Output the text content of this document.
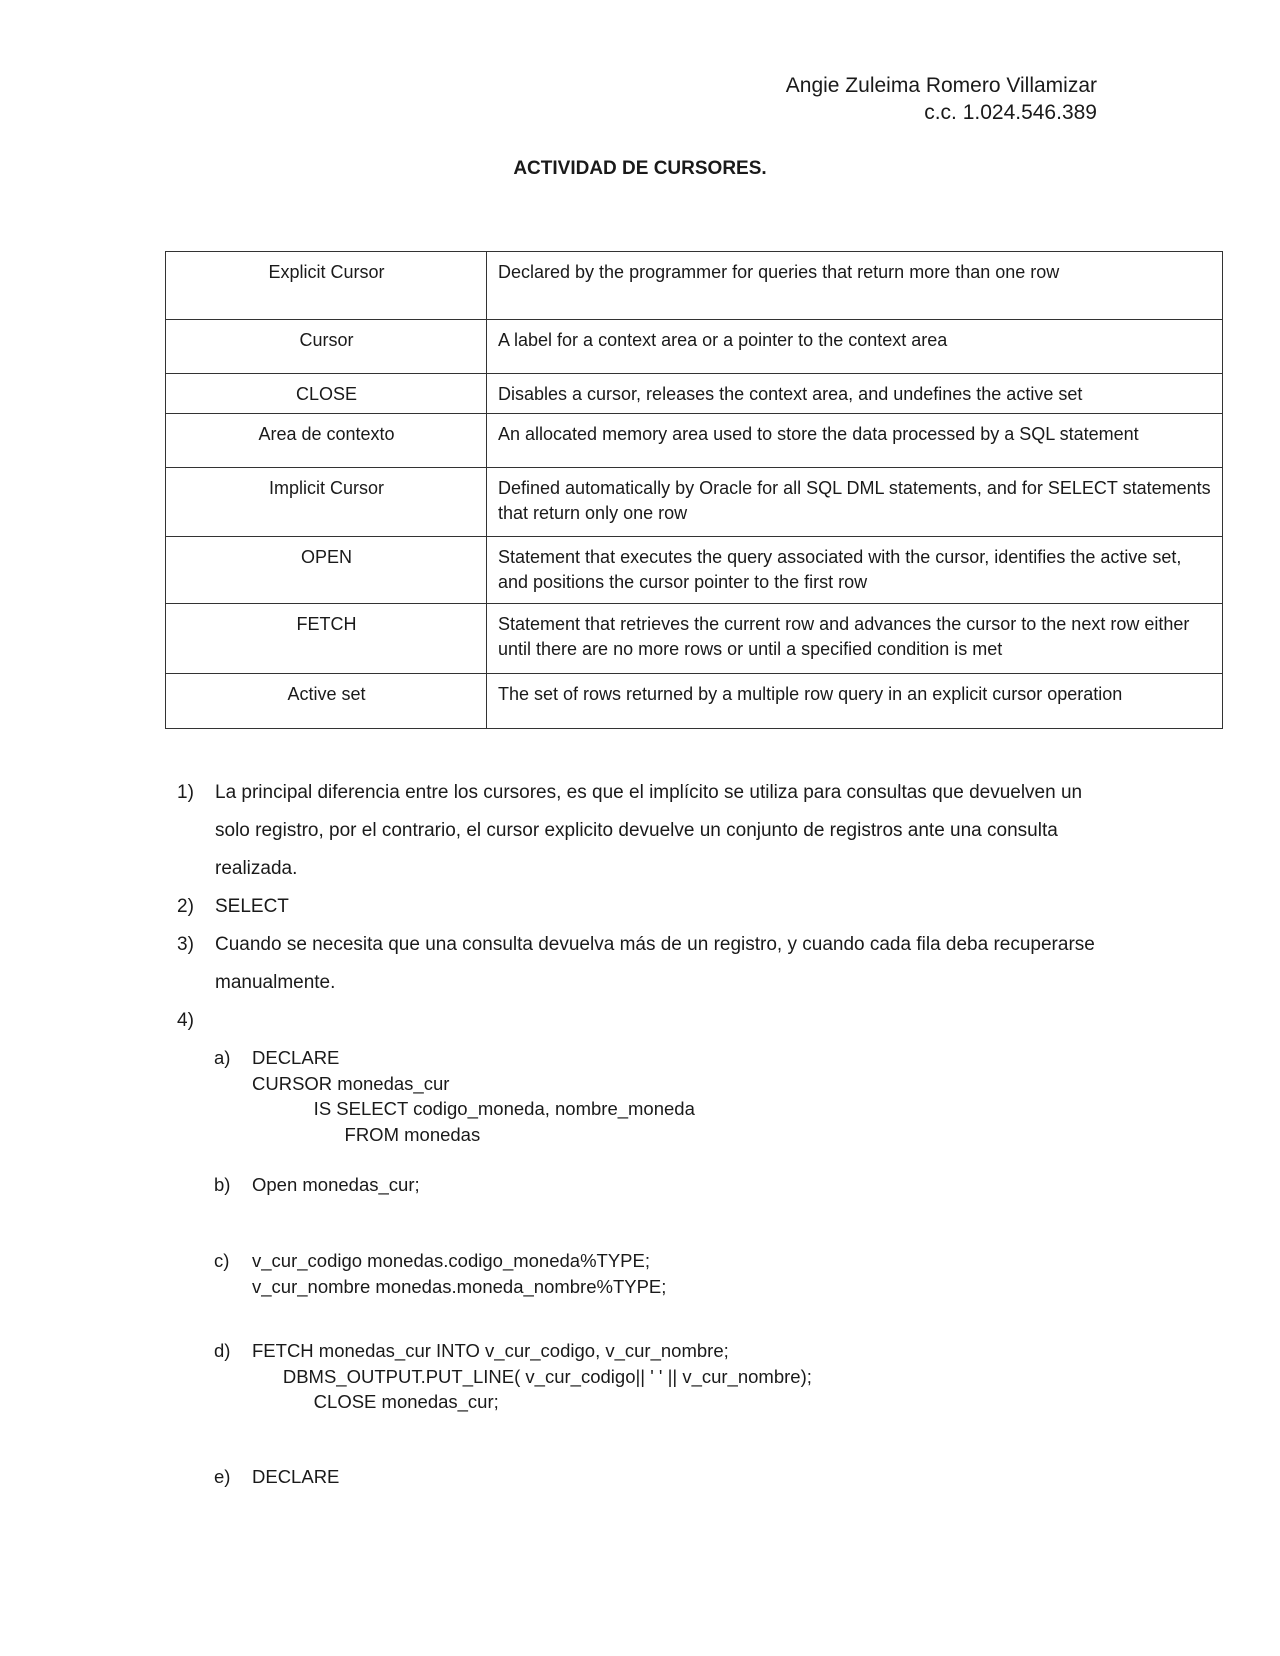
Angie Zuleima Romero Villamizar
c.c. 1.024.546.389
ACTIVIDAD DE CURSORES.
Explicit Cursor	Declared by the programmer for queries that return more than one row
Cursor	A label for a context area or a pointer to the context area
CLOSE	Disables a cursor, releases the context area, and undefines the active set
Area de contexto	An allocated memory area used to store the data processed by a SQL statement
Implicit Cursor	Defined automatically by Oracle for all SQL DML statements, and for SELECT statements that return only one row
OPEN	Statement that executes the query associated with the cursor, identifies the active set, and positions the cursor pointer to the first row
FETCH	Statement that retrieves the current row and advances the cursor to the next row either until there are no more rows or until a specified condition is met
Active set	The set of rows returned by a multiple row query in an explicit cursor operation
1) La principal diferencia entre los cursores, es que el implícito se utiliza para consultas que devuelven un solo registro, por el contrario, el cursor explicito devuelve un conjunto de registros ante una consulta realizada.
2) SELECT
3) Cuando se necesita que una consulta devuelva más de un registro, y cuando cada fila deba recuperarse manualmente.
4)

a) DECLARE
CURSOR monedas_cur
IS SELECT codigo_moneda, nombre_moneda
FROM monedas
b) Open monedas_cur;
c) v_cur_codigo monedas.codigo_moneda%TYPE;
v_cur_nombre monedas.moneda_nombre%TYPE;
d) FETCH monedas_cur INTO v_cur_codigo, v_cur_nombre;
DBMS_OUTPUT.PUT_LINE( v_cur_codigo|| ' ' || v_cur_nombre);
CLOSE monedas_cur;
e) DECLARE
